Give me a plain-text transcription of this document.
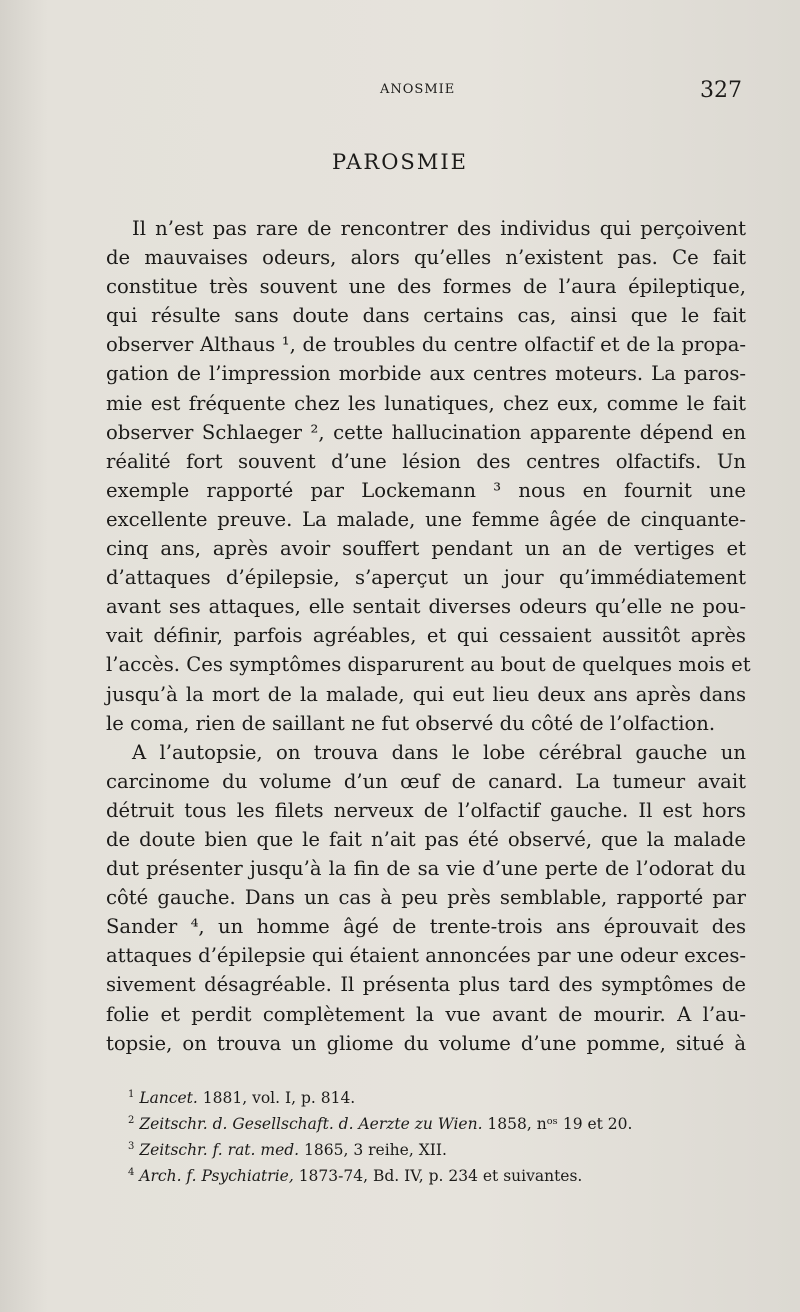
ANOSMIE	327
PAROSMIE
Il n’est pas rare de rencontrer des individus qui perçoivent
de mauvaises odeurs, alors qu’elles n’existent pas. Ce fait
constitue très souvent une des formes de l’aura épileptique,
qui résulte sans doute dans certains cas, ainsi que le fait
observer Althaus ¹, de troubles du centre olfactif et de la propa-
gation de l’impression morbide aux centres moteurs. La paros-
mie est fréquente chez les lunatiques, chez eux, comme le fait
observer Schlaeger ², cette hallucination apparente dépend en
réalité fort souvent d’une lésion des centres olfactifs. Un
exemple rapporté par Lockemann ³ nous en fournit une
excellente preuve. La malade, une femme âgée de cinquante-
cinq ans, après avoir souffert pendant un an de vertiges et
d’attaques d’épilepsie, s’aperçut un jour qu’immédiatement
avant ses attaques, elle sentait diverses odeurs qu’elle ne pou-
vait définir, parfois agréables, et qui cessaient aussitôt après
l’accès. Ces symptômes disparurent au bout de quelques mois et
jusqu’à la mort de la malade, qui eut lieu deux ans après dans
le coma, rien de saillant ne fut observé du côté de l’olfaction.
A l’autopsie, on trouva dans le lobe cérébral gauche un
carcinome du volume d’un œuf de canard. La tumeur avait
détruit tous les filets nerveux de l’olfactif gauche. Il est hors
de doute bien que le fait n’ait pas été observé, que la malade
dut présenter jusqu’à la fin de sa vie d’une perte de l’odorat du
côté gauche. Dans un cas à peu près semblable, rapporté par
Sander ⁴, un homme âgé de trente-trois ans éprouvait des
attaques d’épilepsie qui étaient annoncées par une odeur exces-
sivement désagréable. Il présenta plus tard des symptômes de
folie et perdit complètement la vue avant de mourir. A l’au-
topsie, on trouva un gliome du volume d’une pomme, situé à
$^1$ Lancet. 1881, vol. I, p. 814.
$^2$ Zeitschr. d. Gesellschaft. d. Aerzte zu Wien. 1858, nᵒˢ 19 et 20.
$^3$ Zeitschr. f. rat. med. 1865, 3 reihe, XII.
$^4$ Arch. f. Psychiatrie, 1873-74, Bd. IV, p. 234 et suivantes.
